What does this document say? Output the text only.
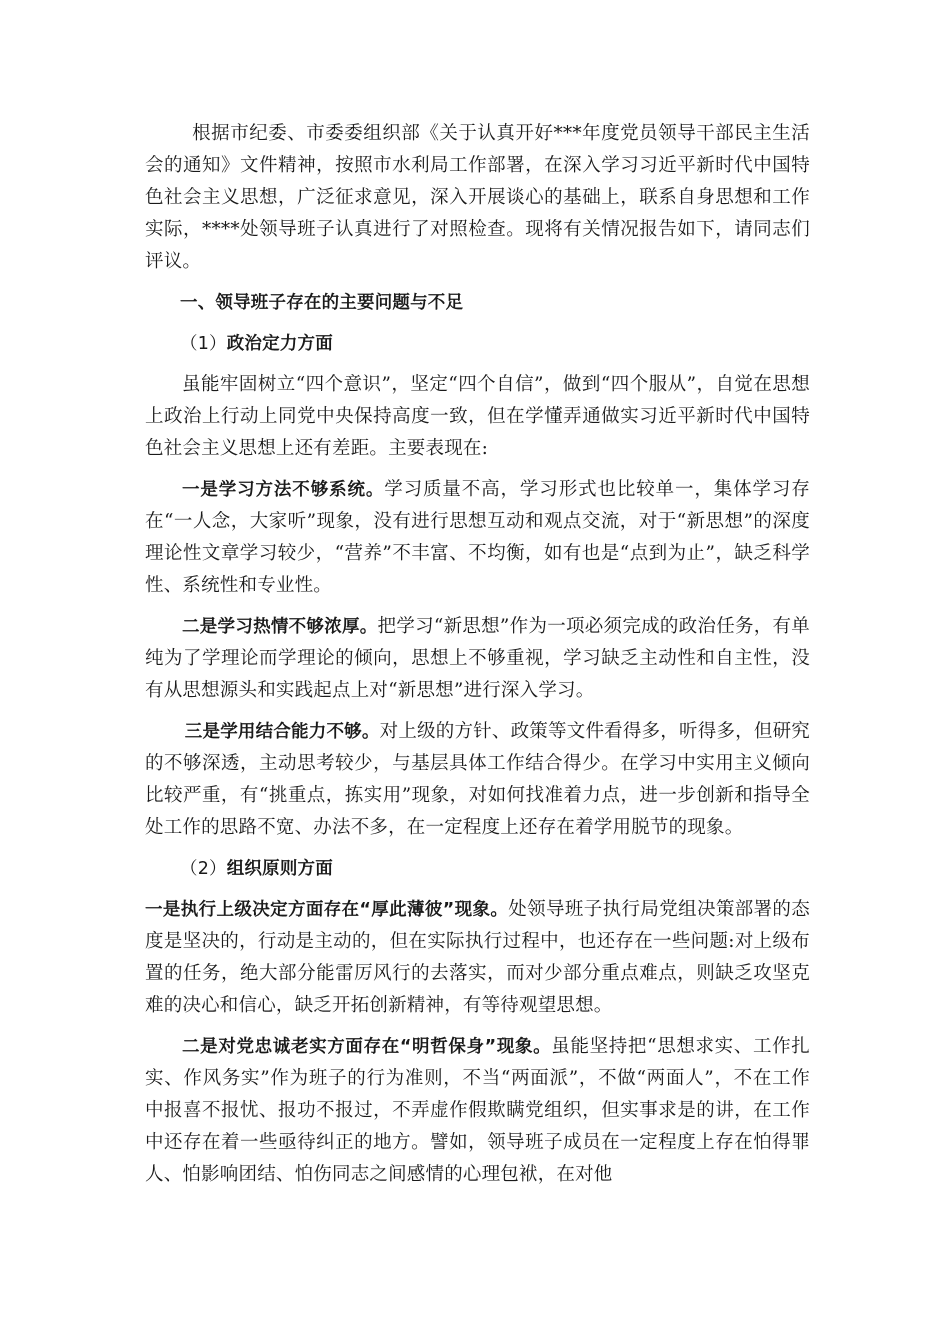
根据市纪委、市委委组织部《关于认真开好***年度党员领导干部民主生活会的通知》文件精神，按照市水利局工作部署，在深入学习习近平新时代中国特色社会主义思想，广泛征求意见，深入开展谈心的基础上，联系自身思想和工作实际，****处领导班子认真进行了对照检查。现将有关情况报告如下，请同志们评议。

一、领导班子存在的主要问题与不足

（1）政治定力方面

虽能牢固树立“四个意识”，坚定“四个自信”，做到“四个服从”，自觉在思想上政治上行动上同党中央保持高度一致，但在学懂弄通做实习近平新时代中国特色社会主义思想上还有差距。主要表现在:

一是学习方法不够系统。学习质量不高，学习形式也比较单一，集体学习存在“一人念，大家听”现象，没有进行思想互动和观点交流，对于“新思想”的深度理论性文章学习较少，“营养”不丰富、不均衡，如有也是“点到为止”，缺乏科学性、系统性和专业性。

二是学习热情不够浓厚。把学习“新思想”作为一项必须完成的政治任务，有单纯为了学理论而学理论的倾向，思想上不够重视，学习缺乏主动性和自主性，没有从思想源头和实践起点上对“新思想”进行深入学习。

三是学用结合能力不够。对上级的方针、政策等文件看得多，听得多，但研究的不够深透，主动思考较少，与基层具体工作结合得少。在学习中实用主义倾向比较严重，有“挑重点，拣实用”现象，对如何找准着力点，进一步创新和指导全处工作的思路不宽、办法不多，在一定程度上还存在着学用脱节的现象。

（2）组织原则方面

一是执行上级决定方面存在“厚此薄彼”现象。处领导班子执行局党组决策部署的态度是坚决的，行动是主动的，但在实际执行过程中，也还存在一些问题:对上级布置的任务，绝大部分能雷厉风行的去落实，而对少部分重点难点，则缺乏攻坚克难的决心和信心，缺乏开拓创新精神，有等待观望思想。

二是对党忠诚老实方面存在“明哲保身”现象。虽能坚持把“思想求实、工作扎实、作风务实”作为班子的行为准则，不当“两面派”，不做“两面人”，不在工作中报喜不报忧、报功不报过，不弄虚作假欺瞒党组织，但实事求是的讲，在工作中还存在着一些亟待纠正的地方。譬如，领导班子成员在一定程度上存在怕得罪人、怕影响团结、怕伤同志之间感情的心理包袱，在对他
